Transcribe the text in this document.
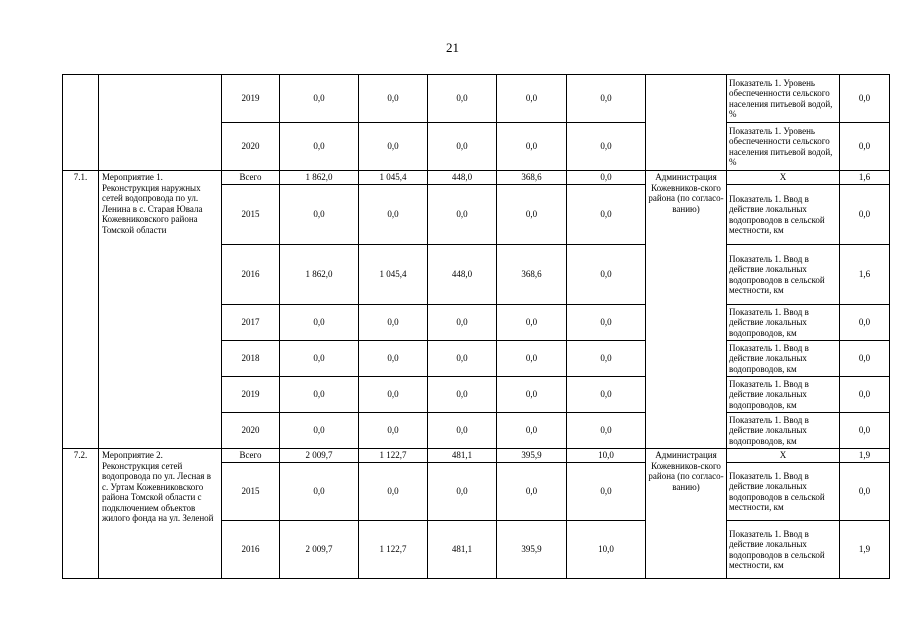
21
		2019	0,0	0,0	0,0	0,0	0,0		Показатель 1. Уровень обеспеченности сельского населения питьевой водой, %	0,0
		2020	0,0	0,0	0,0	0,0	0,0		Показатель 1. Уровень обеспеченности сельского населения питьевой водой, %	0,0
7.1.	Мероприятие 1. Реконструкция наружных сетей водопровода по ул. Ленина в с. Старая Ювала Кожевниковского района Томской области	Всего	1 862,0	1 045,4	448,0	368,6	0,0	Администрация Кожевников-ского района (по согласо-ванию)	X	1,6
		2015	0,0	0,0	0,0	0,0	0,0		Показатель 1. Ввод в действие локальных водопроводов в сельской местности, км	0,0
		2016	1 862,0	1 045,4	448,0	368,6	0,0		Показатель 1. Ввод в действие локальных водопроводов в сельской местности, км	1,6
		2017	0,0	0,0	0,0	0,0	0,0		Показатель 1. Ввод в действие локальных водопроводов, км	0,0
		2018	0,0	0,0	0,0	0,0	0,0		Показатель 1. Ввод в действие локальных водопроводов, км	0,0
		2019	0,0	0,0	0,0	0,0	0,0		Показатель 1. Ввод в действие локальных водопроводов, км	0,0
		2020	0,0	0,0	0,0	0,0	0,0		Показатель 1. Ввод в действие локальных водопроводов, км	0,0
7.2.	Мероприятие 2. Реконструкция сетей водопровода по ул. Лесная в с. Уртам Кожевниковского района Томской области с подключением объектов жилого фонда на ул. Зеленой	Всего	2 009,7	1 122,7	481,1	395,9	10,0	Администрация Кожевников-ского района (по согласо-ванию)	X	1,9
		2015	0,0	0,0	0,0	0,0	0,0		Показатель 1. Ввод в действие локальных водопроводов в сельской местности, км	0,0
		2016	2 009,7	1 122,7	481,1	395,9	10,0		Показатель 1. Ввод в действие локальных водопроводов в сельской местности, км	1,9
